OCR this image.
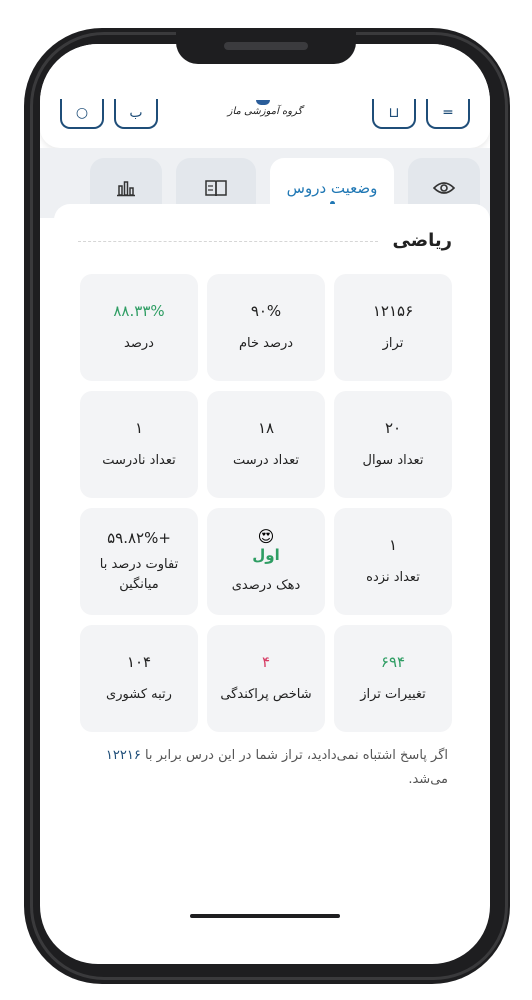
○	ب	گروه آموزشی ماز	⊔	═
وضعیت دروس
ریاضی
۱۲۱۵۶
تراز
۹۰%
درصد خام
۸۸.۳۳%
درصد
۲۰
تعداد سوال
۱۸
تعداد درست
۱
تعداد نادرست
۱
تعداد نزده
😍
اول
دهک درصدی
+۵۹.۸۲%
تفاوت درصد با میانگین
۶۹۴
تغییرات تراز
۴
شاخص پراکندگی
۱۰۴
رتبه کشوری
اگر پاسخ اشتباه نمی‌دادید، تراز شما در این درس برابر با ۱۲۲۱۶ می‌شد.
